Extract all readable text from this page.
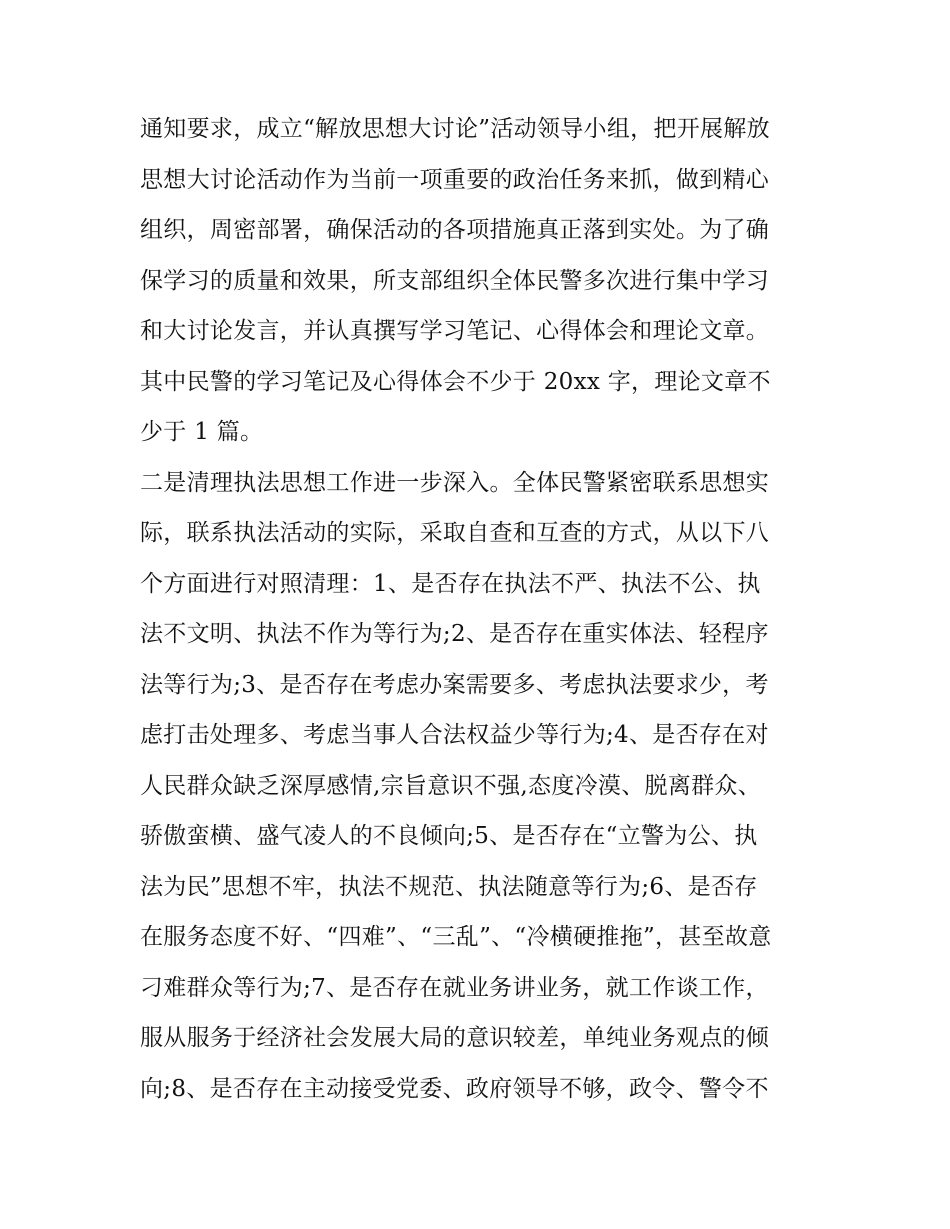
通知要求，成立“解放思想大讨论”活动领导小组，把开展解放
思想大讨论活动作为当前一项重要的政治任务来抓，做到精心
组织，周密部署，确保活动的各项措施真正落到实处。为了确
保学习的质量和效果，所支部组织全体民警多次进行集中学习
和大讨论发言，并认真撰写学习笔记、心得体会和理论文章。
其中民警的学习笔记及心得体会不少于 20xx 字，理论文章不
少于 1 篇。
二是清理执法思想工作进一步深入。全体民警紧密联系思想实
际，联系执法活动的实际，采取自查和互查的方式，从以下八
个方面进行对照清理：1、是否存在执法不严、执法不公、执
法不文明、执法不作为等行为;2、是否存在重实体法、轻程序
法等行为;3、是否存在考虑办案需要多、考虑执法要求少，考
虑打击处理多、考虑当事人合法权益少等行为;4、是否存在对
人民群众缺乏深厚感情,宗旨意识不强,态度冷漠、脱离群众、
骄傲蛮横、盛气凌人的不良倾向;5、是否存在“立警为公、执
法为民”思想不牢，执法不规范、执法随意等行为;6、是否存
在服务态度不好、“四难”、“三乱”、“冷横硬推拖”，甚至故意
刁难群众等行为;7、是否存在就业务讲业务，就工作谈工作，
服从服务于经济社会发展大局的意识较差，单纯业务观点的倾
向;8、是否存在主动接受党委、政府领导不够，政令、警令不
